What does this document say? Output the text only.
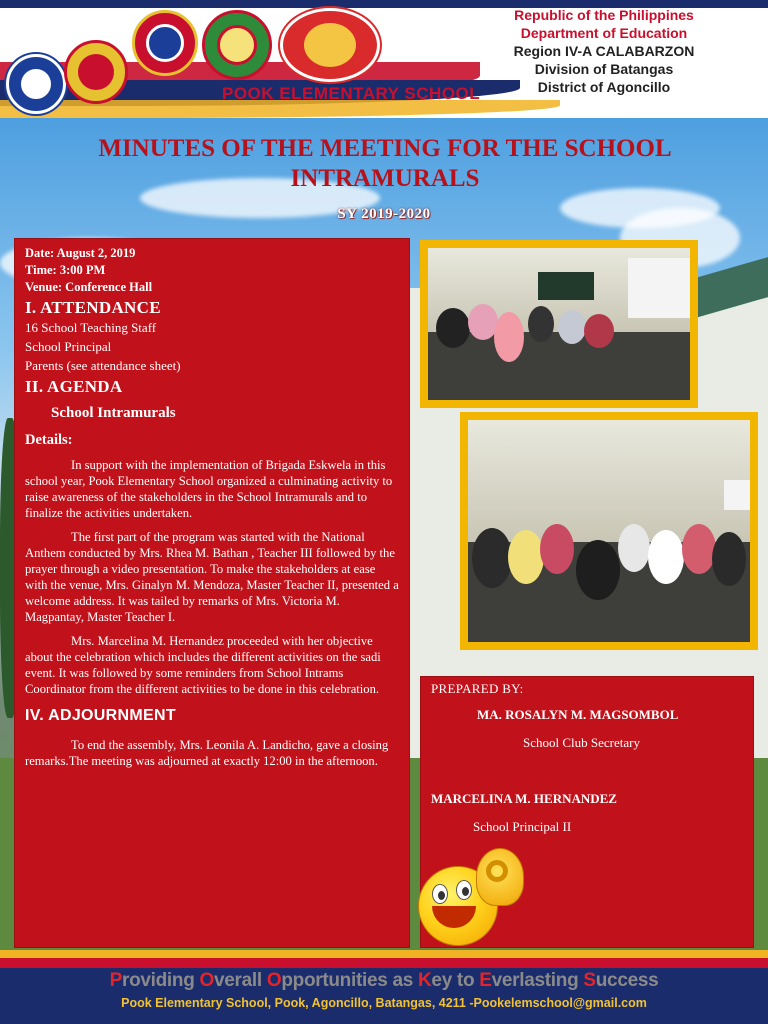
POOK ELEMENTARY SCHOOL
Republic of the Philippines
Department of Education
Region IV-A CALABARZON
Division of Batangas
District of Agoncillo
MINUTES OF THE MEETING FOR THE SCHOOL INTRAMURALS
SY 2019-2020
Date: August 2, 2019
Time: 3:00 PM
Venue: Conference Hall
I. ATTENDANCE
16 School Teaching Staff
School Principal
Parents (see attendance sheet)
II. AGENDA
School Intramurals
Details:
In support with the implementation of Brigada Eskwela in this school year, Pook Elementary School organized a culminating activity to raise awareness of the stakeholders in the School Intramurals and to finalize the activities undertaken.
The first part of the program was started with the National Anthem conducted by Mrs. Rhea M. Bathan , Teacher III followed by the prayer through a video presentation. To make the stakeholders at ease with the venue, Mrs. Ginalyn M. Mendoza, Master Teacher II, presented a welcome address. It was tailed by remarks of Mrs. Victoria M. Magpantay, Master Teacher I.
Mrs. Marcelina M. Hernandez proceeded with her objective about the celebration which includes the different activities on the sadi event. It was followed by some reminders from School Intrams Coordinator from the different activities to be done in this celebration.
IV. ADJOURNMENT
To end the assembly, Mrs. Leonila A. Landicho, gave a closing remarks.The meeting was adjourned at exactly 12:00 in the afternoon.
PREPARED BY:
MA. ROSALYN M. MAGSOMBOL
School Club Secretary
MARCELINA M. HERNANDEZ
School Principal II
Providing Overall Opportunities as Key to Everlasting Success
Pook Elementary School, Pook, Agoncillo, Batangas, 4211 -Pookelemschool@gmail.com
